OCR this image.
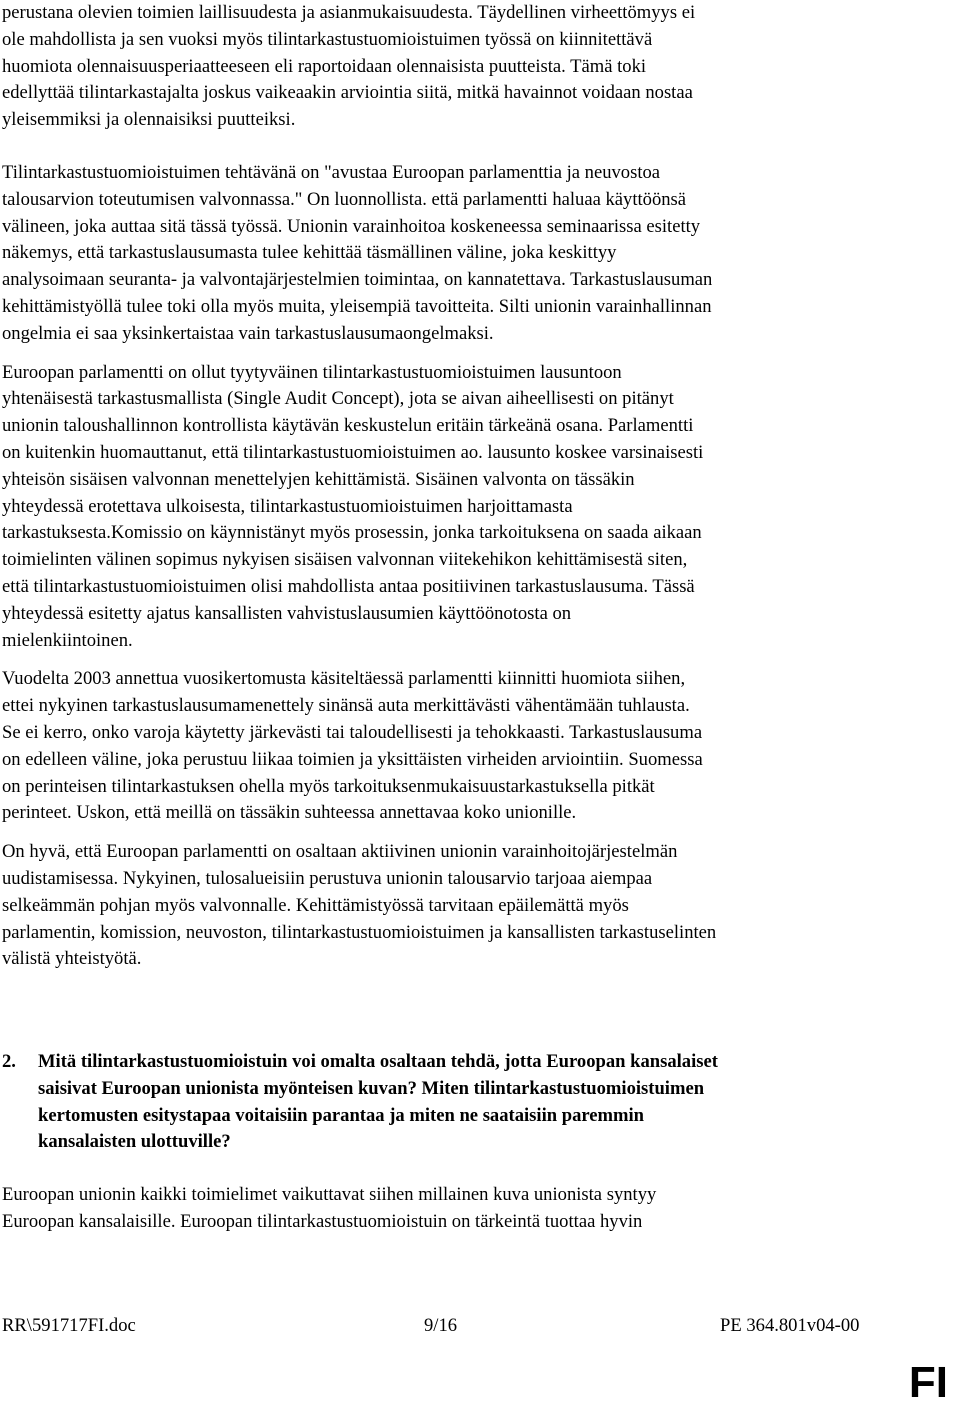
perustana olevien toimien laillisuudesta ja asianmukaisuudesta. Täydellinen virheettömyys ei

ole mahdollista ja sen vuoksi myös tilintarkastustuomioistuimen työssä on kiinnitettävä

huomiota olennaisuusperiaatteeseen eli raportoidaan olennaisista puutteista. Tämä toki

edellyttää tilintarkastajalta joskus vaikeaakin arviointia siitä, mitkä havainnot voidaan nostaa

yleisemmiksi ja olennaisiksi puutteiksi.

Tilintarkastustuomioistuimen tehtävänä on "avustaa Euroopan parlamenttia ja neuvostoa

talousarvion toteutumisen valvonnassa." On luonnollista. että parlamentti haluaa käyttöönsä

välineen, joka auttaa sitä tässä työssä. Unionin varainhoitoa koskeneessa seminaarissa esitetty

näkemys, että tarkastuslausumasta tulee kehittää täsmällinen väline, joka keskittyy

analysoimaan seuranta- ja valvontajärjestelmien toimintaa, on kannatettava. Tarkastuslausuman

kehittämistyöllä tulee toki olla myös muita, yleisempiä tavoitteita. Silti unionin varainhallinnan

ongelmia ei saa yksinkertaistaa vain tarkastuslausumaongelmaksi.

Euroopan parlamentti on ollut tyytyväinen tilintarkastustuomioistuimen lausuntoon

yhtenäisestä tarkastusmallista (Single Audit Concept), jota se aivan aiheellisesti on pitänyt

unionin taloushallinnon kontrollista käytävän keskustelun eritäin tärkeänä osana. Parlamentti

on kuitenkin huomauttanut, että tilintarkastustuomioistuimen ao. lausunto koskee varsinaisesti

yhteisön sisäisen valvonnan menettelyjen kehittämistä. Sisäinen valvonta on tässäkin

yhteydessä erotettava ulkoisesta, tilintarkastustuomioistuimen harjoittamasta

tarkastuksesta.Komissio on käynnistänyt myös prosessin, jonka tarkoituksena on saada aikaan

toimielinten välinen sopimus nykyisen sisäisen valvonnan viitekehikon kehittämisestä siten,

että tilintarkastustuomioistuimen olisi mahdollista antaa positiivinen tarkastuslausuma. Tässä

yhteydessä esitetty ajatus kansallisten vahvistuslausumien käyttöönotosta on

mielenkiintoinen.

Vuodelta 2003 annettua vuosikertomusta käsiteltäessä parlamentti kiinnitti huomiota siihen,

ettei nykyinen tarkastuslausumamenettely sinänsä auta merkittävästi vähentämään tuhlausta.

Se ei kerro, onko varoja käytetty järkevästi tai taloudellisesti ja tehokkaasti. Tarkastuslausuma

on edelleen väline, joka perustuu liikaa toimien ja yksittäisten virheiden arviointiin. Suomessa

on perinteisen tilintarkastuksen ohella myös tarkoituksenmukaisuustarkastuksella pitkät

perinteet. Uskon, että meillä on tässäkin suhteessa annettavaa koko unionille.

On hyvä, että Euroopan parlamentti on osaltaan aktiivinen unionin varainhoitojärjestelmän

uudistamisessa. Nykyinen, tulosalueisiin perustuva unionin talousarvio tarjoaa aiempaa

selkeämmän pohjan myös valvonnalle. Kehittämistyössä tarvitaan epäilemättä myös

parlamentin, komission, neuvoston, tilintarkastustuomioistuimen ja kansallisten tarkastuselinten

välistä yhteistyötä.

2.	Mitä tilintarkastustuomioistuin voi omalta osaltaan tehdä, jotta Euroopan kansalaiset

saisivat Euroopan unionista myönteisen kuvan? Miten tilintarkastustuomioistuimen

kertomusten esitystapaa voitaisiin parantaa ja miten ne saataisiin paremmin

kansalaisten ulottuville?

Euroopan unionin kaikki toimielimet vaikuttavat siihen millainen kuva unionista syntyy

Euroopan kansalaisille. Euroopan tilintarkastustuomioistuin on tärkeintä tuottaa hyvin

RR\591717FI.doc	9/16	PE 364.801v04-00
FI
